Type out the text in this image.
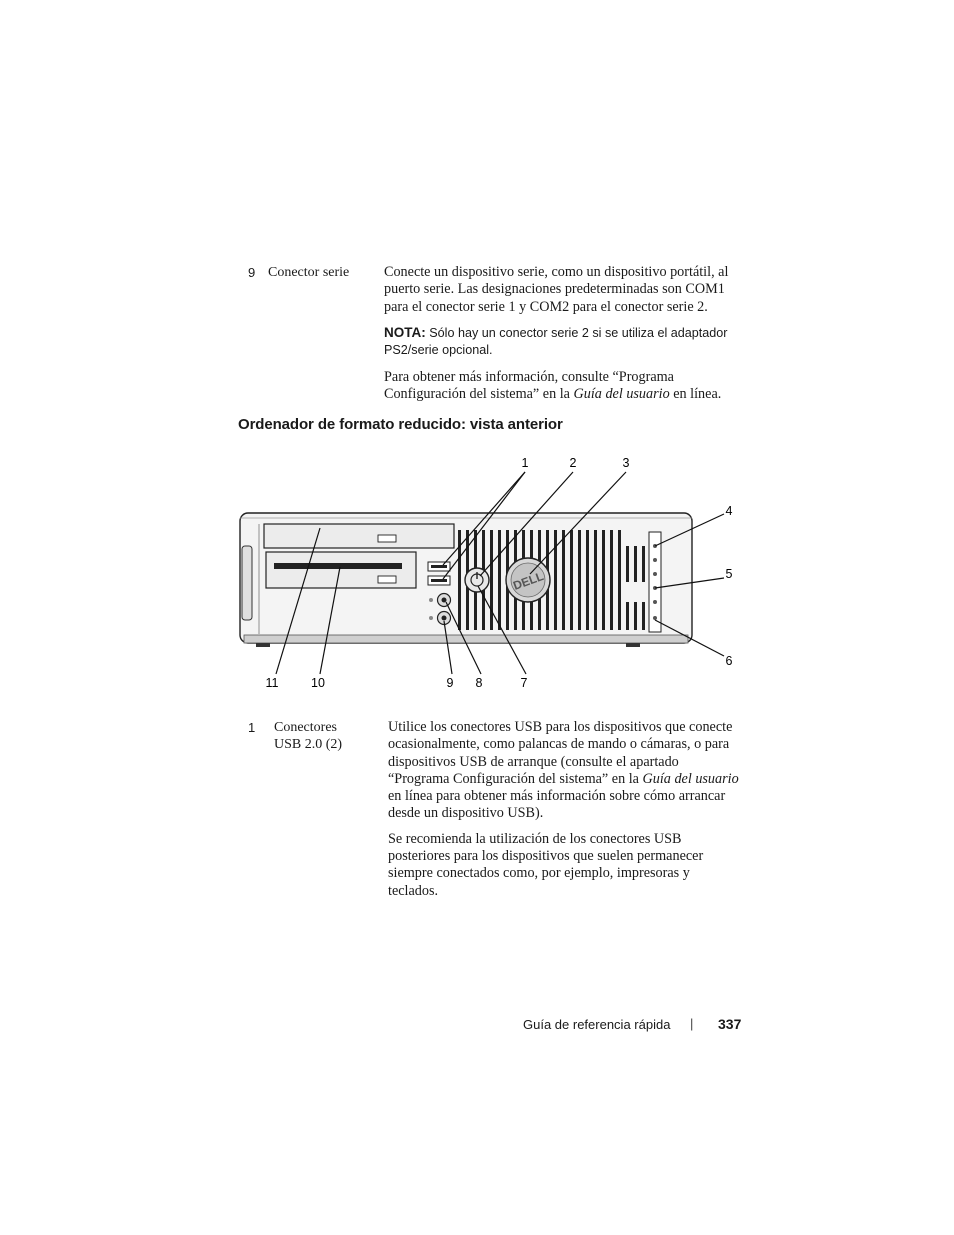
9 Conector serie Conecte un dispositivo serie, como un dispositivo portátil, al puerto serie. Las designaciones predeterminadas son COM1 para el conector serie 1 y COM2 para el conector serie 2.

NOTA: Sólo hay un conector serie 2 si se utiliza el adaptador PS2/serie opcional.

Para obtener más información, consulte “Programa Configuración del sistema” en la Guía del usuario en línea.

Ordenador de formato reducido: vista anterior
DELL
1	2	3
4
5
6
7
8
9
10
11
1 Conectores
USB 2.0 (2)

Utilice los conectores USB para los dispositivos que conecte ocasionalmente, como palancas de mando o cámaras, o para dispositivos USB de arranque (consulte el apartado “Programa Configuración del sistema” en la Guía del usuario en línea para obtener más información sobre cómo arrancar desde un dispositivo USB).

Se recomienda la utilización de los conectores USB posteriores para los dispositivos que suelen permanecer siempre conectados como, por ejemplo, impresoras y teclados.

Guía de referencia rápida | 337
